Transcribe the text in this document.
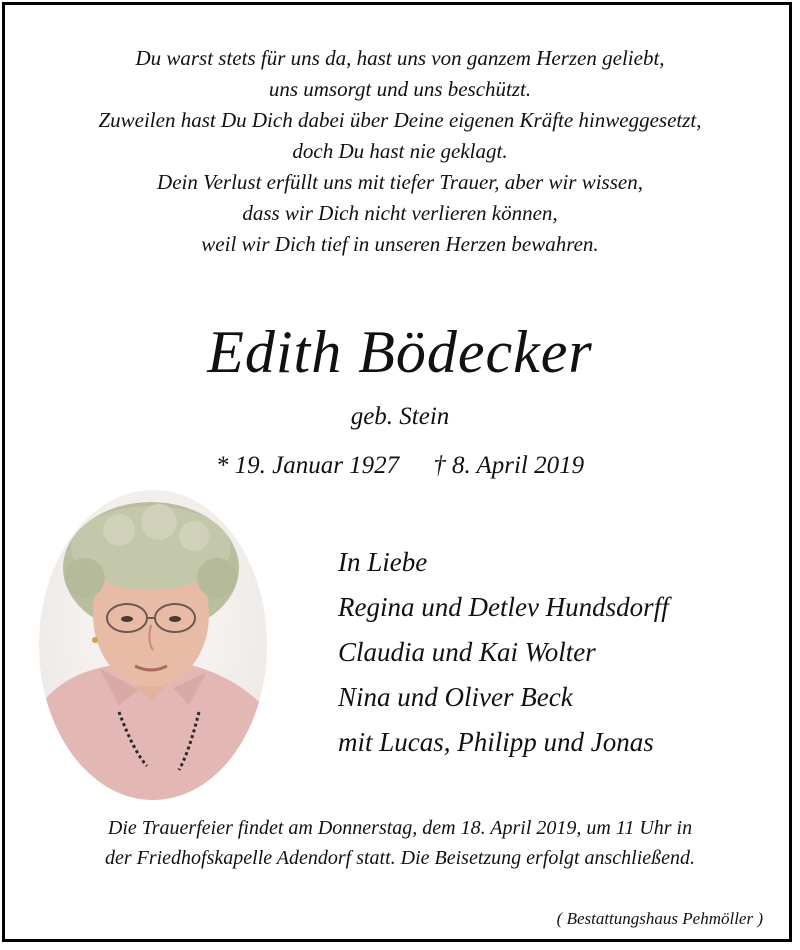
Du warst stets für uns da, hast uns von ganzem Herzen geliebt,
uns umsorgt und uns beschützt.
Zuweilen hast Du Dich dabei über Deine eigenen Kräfte hinweggesetzt,
doch Du hast nie geklagt.
Dein Verlust erfüllt uns mit tiefer Trauer, aber wir wissen,
dass wir Dich nicht verlieren können,
weil wir Dich tief in unseren Herzen bewahren.
Edith Bödecker
geb. Stein
* 19. Januar 1927 † 8. April 2019
In Liebe
Regina und Detlev Hundsdorff
Claudia und Kai Wolter
Nina und Oliver Beck
mit Lucas, Philipp und Jonas
Die Trauerfeier findet am Donnerstag, dem 18. April 2019, um 11 Uhr in
der Friedhofskapelle Adendorf statt. Die Beisetzung erfolgt anschließend.
( Bestattungshaus Pehmöller )
